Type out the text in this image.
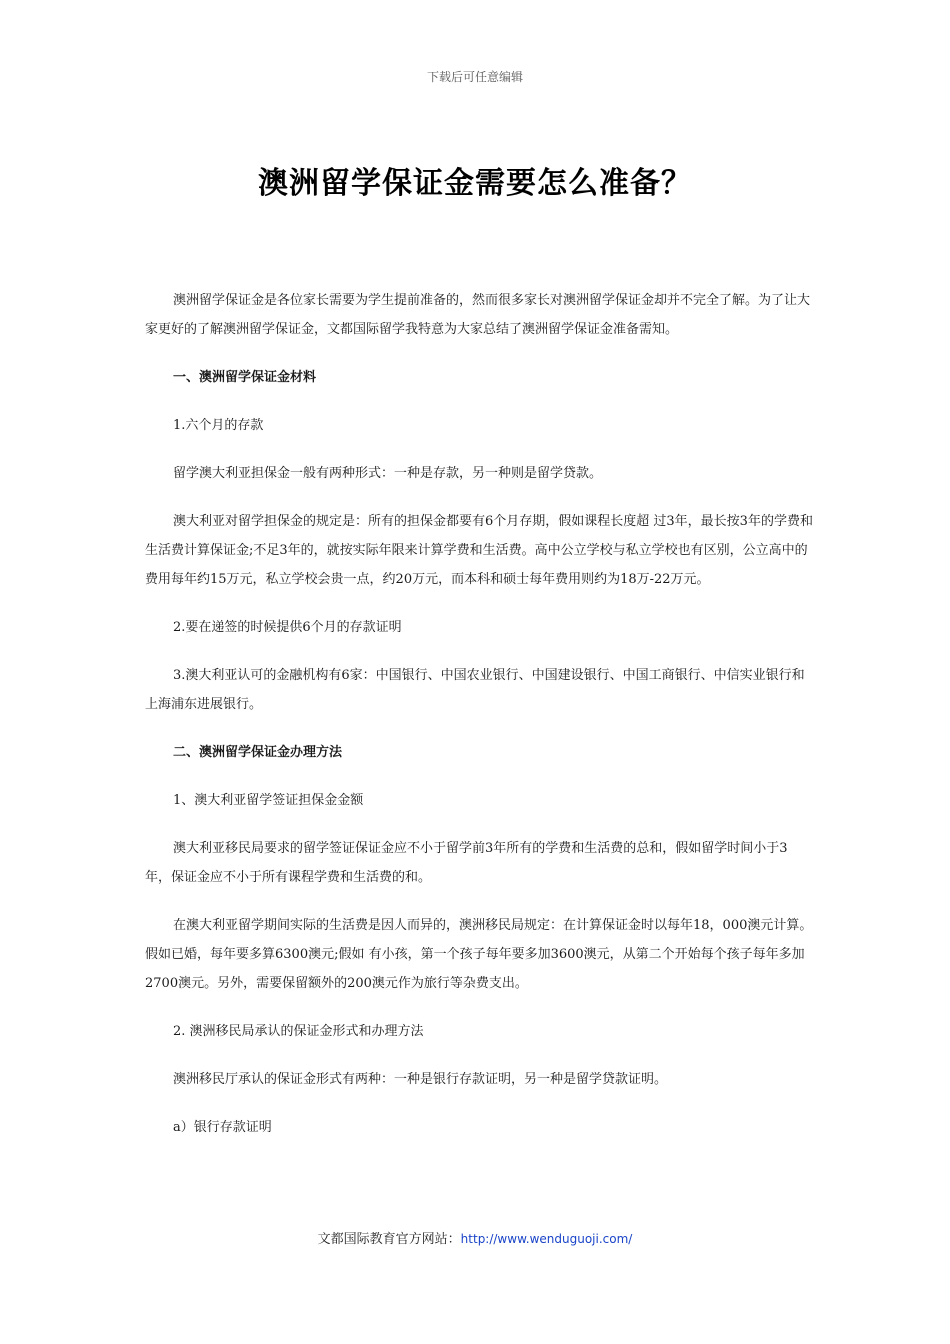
下载后可任意编辑
澳洲留学保证金需要怎么准备？

澳洲留学保证金是各位家长需要为学生提前准备的，然而很多家长对澳洲留学保证金却并不完全了解。为了让大家更好的了解澳洲留学保证金，文都国际留学我特意为大家总结了澳洲留学保证金准备需知。

一、澳洲留学保证金材料

1.六个月的存款

留学澳大利亚担保金一般有两种形式：一种是存款，另一种则是留学贷款。

澳大利亚对留学担保金的规定是：所有的担保金都要有6个月存期，假如课程长度超 过3年，最长按3年的学费和生活费计算保证金;不足3年的，就按实际年限来计算学费和生活费。高中公立学校与私立学校也有区别，公立高中的费用每年约15万元，私立学校会贵一点，约20万元，而本科和硕士每年费用则约为18万-22万元。

2.要在递签的时候提供6个月的存款证明

3.澳大利亚认可的金融机构有6家：中国银行、中国农业银行、中国建设银行、中国工商银行、中信实业银行和上海浦东进展银行。

二、澳洲留学保证金办理方法

1、澳大利亚留学签证担保金金额

澳大利亚移民局要求的留学签证保证金应不小于留学前3年所有的学费和生活费的总和，假如留学时间小于3年，保证金应不小于所有课程学费和生活费的和。

在澳大利亚留学期间实际的生活费是因人而异的，澳洲移民局规定：在计算保证金时以每年18，000澳元计算。假如已婚，每年要多算6300澳元;假如 有小孩，第一个孩子每年要多加3600澳元，从第二个开始每个孩子每年多加2700澳元。另外，需要保留额外的200澳元作为旅行等杂费支出。

2. 澳洲移民局承认的保证金形式和办理方法

澳洲移民厅承认的保证金形式有两种：一种是银行存款证明，另一种是留学贷款证明。

a）银行存款证明

文都国际教育官方网站：http://www.wenduguoji.com/
